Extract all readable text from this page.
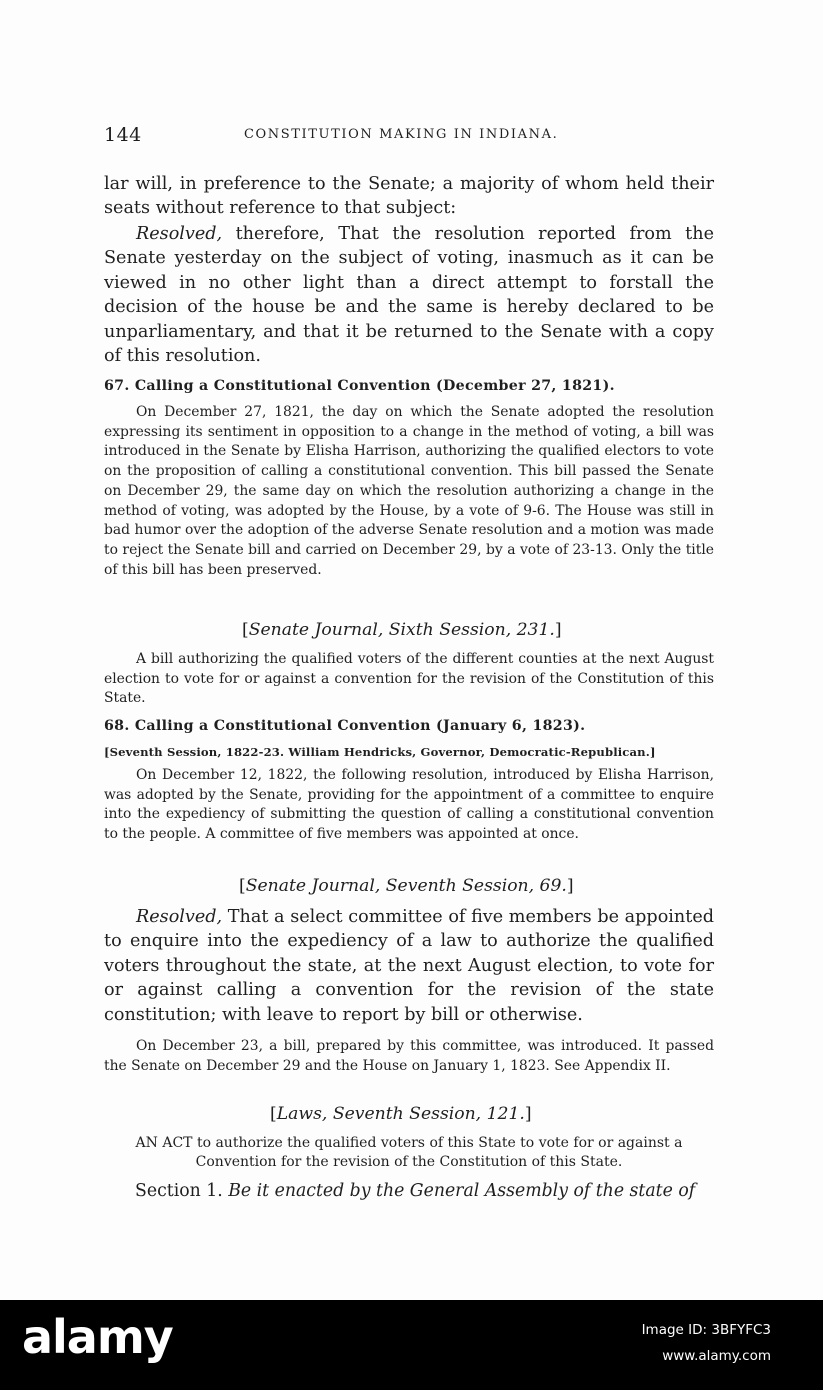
144	CONSTITUTION MAKING IN INDIANA.

lar will, in preference to the Senate; a majority of whom held their seats without reference to that subject:

Resolved, therefore, That the resolution reported from the Senate yesterday on the subject of voting, inasmuch as it can be viewed in no other light than a direct attempt to forstall the decision of the house be and the same is hereby declared to be unparliamentary, and that it be returned to the Senate with a copy of this resolution.

67. Calling a Constitutional Convention (December 27, 1821).

On December 27, 1821, the day on which the Senate adopted the resolution expressing its sentiment in opposition to a change in the method of voting, a bill was introduced in the Senate by Elisha Harrison, authorizing the qualified electors to vote on the proposition of calling a constitutional convention. This bill passed the Senate on December 29, the same day on which the resolution authorizing a change in the method of voting, was adopted by the House, by a vote of 9-6. The House was still in bad humor over the adoption of the adverse Senate resolution and a motion was made to reject the Senate bill and carried on December 29, by a vote of 23-13. Only the title of this bill has been preserved.

[Senate Journal, Sixth Session, 231.]

A bill authorizing the qualified voters of the different counties at the next August election to vote for or against a convention for the revision of the Constitution of this State.

68. Calling a Constitutional Convention (January 6, 1823).

[Seventh Session, 1822-23. William Hendricks, Governor, Democratic-Republican.]

On December 12, 1822, the following resolution, introduced by Elisha Harrison, was adopted by the Senate, providing for the appointment of a committee to enquire into the expediency of submitting the question of calling a constitutional convention to the people. A committee of five members was appointed at once.

[Senate Journal, Seventh Session, 69.]

Resolved, That a select committee of five members be appointed to enquire into the expediency of a law to authorize the qualified voters throughout the state, at the next August election, to vote for or against calling a convention for the revision of the state constitution; with leave to report by bill or otherwise.

On December 23, a bill, prepared by this committee, was introduced. It passed the Senate on December 29 and the House on January 1, 1823. See Appendix II.

[Laws, Seventh Session, 121.]

AN ACT to authorize the qualified voters of this State to vote for or against a Convention for the revision of the Constitution of this State.

Section 1. Be it enacted by the General Assembly of the state of
alamy	Image ID: 3BFYFC3
www.alamy.com
